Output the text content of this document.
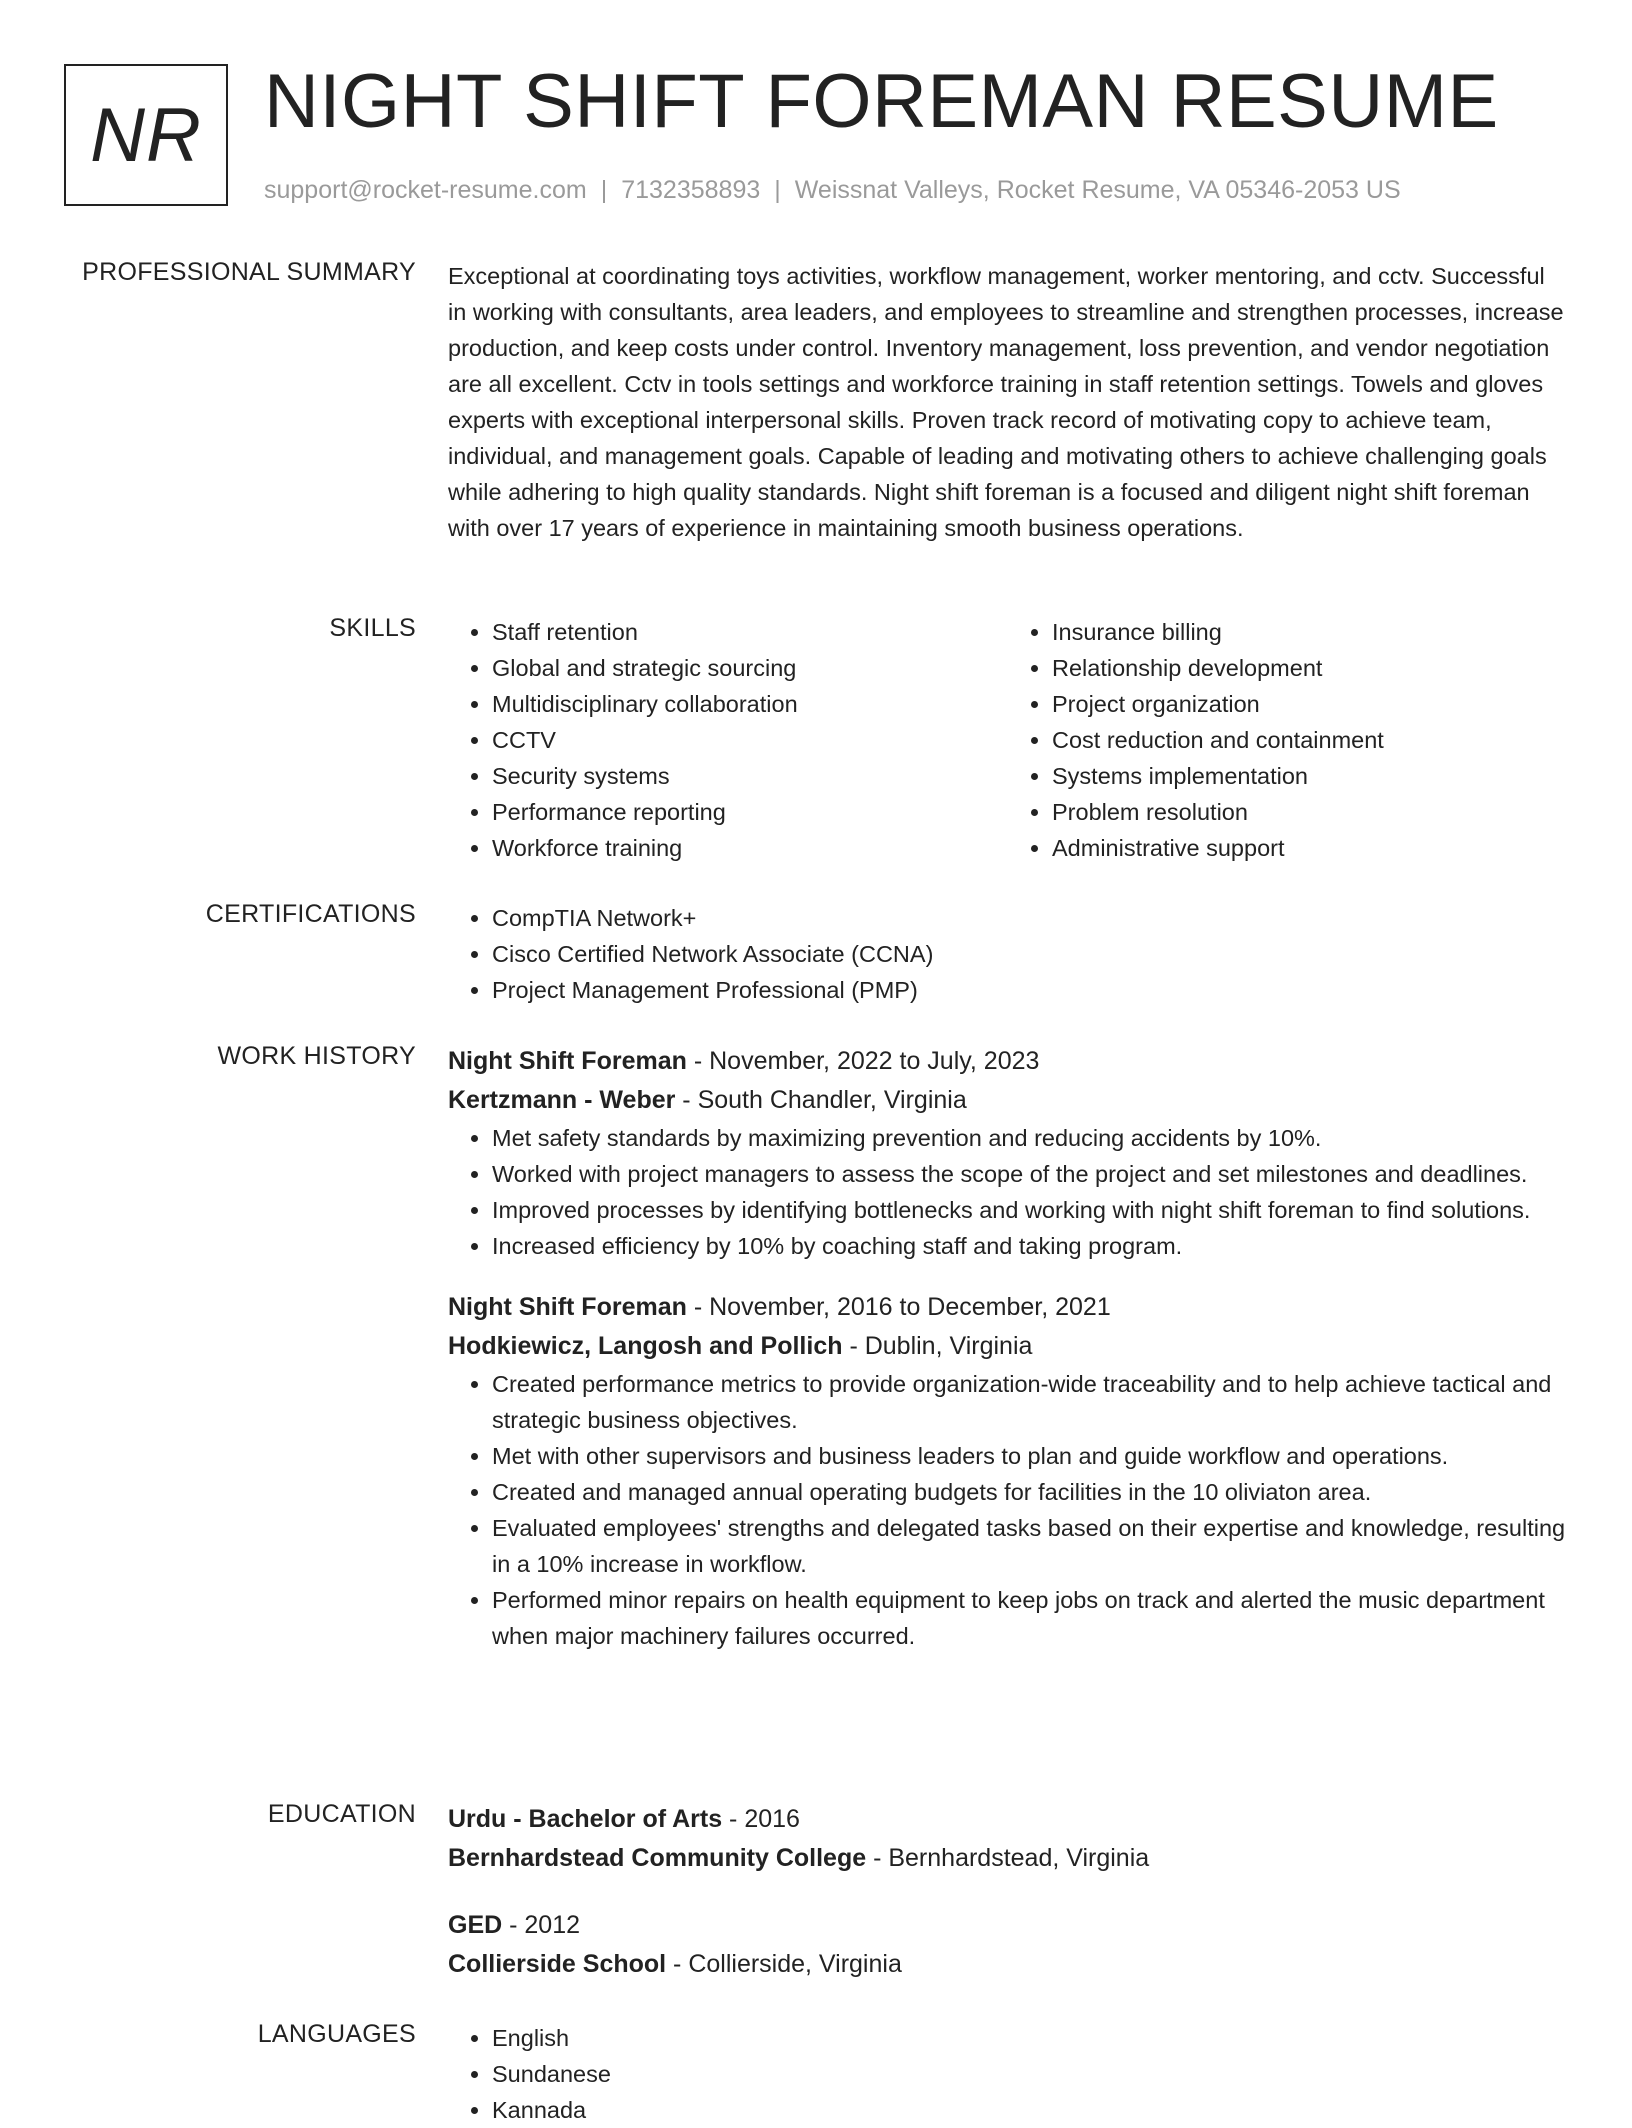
NR NIGHT SHIFT FOREMAN RESUME
support@rocket-resume.com | 7132358893 | Weissnat Valleys, Rocket Resume, VA 05346-2053 US
PROFESSIONAL SUMMARY Exceptional at coordinating toys activities, workflow management, worker mentoring, and cctv. Successful in working with consultants, area leaders, and employees to streamline and strengthen processes, increase production, and keep costs under control. Inventory management, loss prevention, and vendor negotiation are all excellent. Cctv in tools settings and workforce training in staff retention settings. Towels and gloves experts with exceptional interpersonal skills. Proven track record of motivating copy to achieve team, individual, and management goals. Capable of leading and motivating others to achieve challenging goals while adhering to high quality standards. Night shift foreman is a focused and diligent night shift foreman with over 17 years of experience in maintaining smooth business operations.

SKILLS	• Staff retention
• Global and strategic sourcing
• Multidisciplinary collaboration
• CCTV
• Security systems
• Performance reporting
• Workforce training
• Insurance billing
• Relationship development
• Project organization
• Cost reduction and containment
• Systems implementation
• Problem resolution
• Administrative support
CERTIFICATIONS	• CompTIA Network+
• Cisco Certified Network Associate (CCNA)
• Project Management Professional (PMP)
WORK HISTORY Night Shift Foreman - November, 2022 to July, 2023
Kertzmann - Weber - South Chandler, Virginia
• Met safety standards by maximizing prevention and reducing accidents by 10%.
• Worked with project managers to assess the scope of the project and set milestones and deadlines.
• Improved processes by identifying bottlenecks and working with night shift foreman to find solutions.
• Increased efficiency by 10% by coaching staff and taking program.
Night Shift Foreman - November, 2016 to December, 2021
Hodkiewicz, Langosh and Pollich - Dublin, Virginia
• Created performance metrics to provide organization-wide traceability and to help achieve tactical and strategic business objectives.
• Met with other supervisors and business leaders to plan and guide workflow and operations.
• Created and managed annual operating budgets for facilities in the 10 oliviaton area.
• Evaluated employees' strengths and delegated tasks based on their expertise and knowledge, resulting in a 10% increase in workflow.
• Performed minor repairs on health equipment to keep jobs on track and alerted the music department when major machinery failures occurred.
EDUCATION Urdu - Bachelor of Arts - 2016
Bernhardstead Community College - Bernhardstead, Virginia
GED - 2012
Collierside School - Collierside, Virginia
LANGUAGES	• English
• Sundanese
• Kannada
